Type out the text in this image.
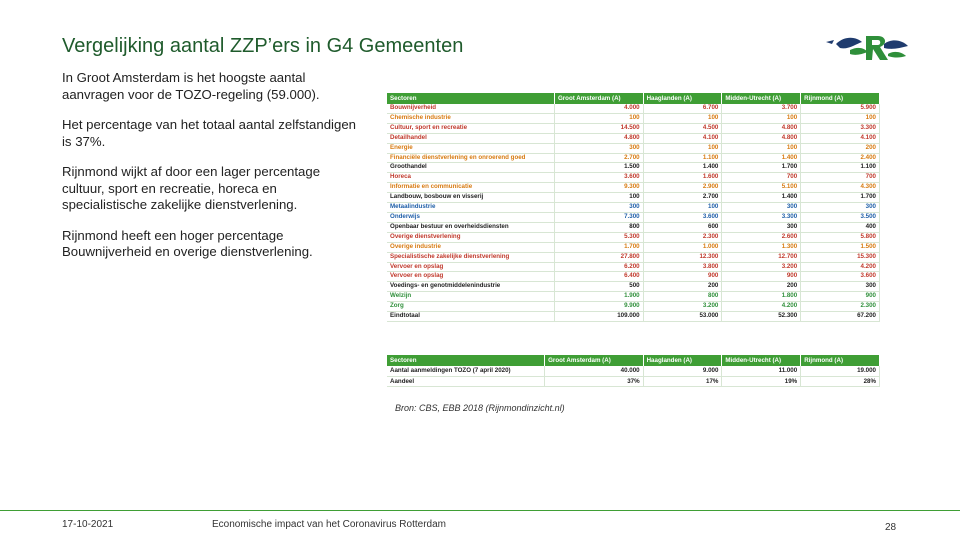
Vergelijking aantal ZZP’ers in G4 Gemeenten

In Groot Amsterdam is het hoogste aantal aanvragen voor de TOZO-regeling (59.000).

Het percentage van het totaal aantal zelfstandigen is 37%.

Rijnmond wijkt af door een lager percentage cultuur, sport en recreatie, horeca en specialistische zakelijke dienstverlening.

Rijnmond heeft een hoger percentage Bouwnijverheid en overige dienstverlening.

Sectoren	Groot Amsterdam (A)	Haaglanden (A)	Midden-Utrecht (A)	Rijnmond (A)
Bouwnijverheid	4.000	6.700	3.700	5.900
Chemische industrie	100	100	100	100
Cultuur, sport en recreatie	14.500	4.500	4.800	3.300
Detailhandel	4.800	4.100	4.800	4.100
Energie	300	100	100	200
Financiële dienstverlening en onroerend goed	2.700	1.100	1.400	2.400
Groothandel	1.500	1.400	1.700	1.100
Horeca	3.600	1.600	700	700
Informatie en communicatie	9.300	2.900	5.100	4.300
Landbouw, bosbouw en visserij	100	2.700	1.400	1.700
Metaalindustrie	300	100	300	300
Onderwijs	7.300	3.600	3.300	3.500
Openbaar bestuur en overheidsdiensten	800	600	300	400
Overige dienstverlening	5.300	2.300	2.600	5.800
Overige industrie	1.700	1.000	1.300	1.500
Specialistische zakelijke dienstverlening	27.800	12.300	12.700	15.300
Vervoer en opslag	6.200	3.800	3.200	4.200
Vervoer en opslag	6.400	900	900	3.600
Voedings- en genotmiddelenindustrie	500	200	200	300
Welzijn	1.900	800	1.800	900
Zorg	9.900	3.200	4.200	2.300
Eindtotaal	109.000	53.000	52.300	67.200
Sectoren	Groot Amsterdam (A)	Haaglanden (A)	Midden-Utrecht (A)	Rijnmond (A)
Aantal aanmeldingen TOZO (7 april 2020)	40.000	9.000	11.000	19.000
Aandeel	37%	17%	19%	28%
Bron: CBS, EBB 2018 (Rijnmondinzicht.nl)
17-10-2021	Economische impact van het Coronavirus Rotterdam	28
